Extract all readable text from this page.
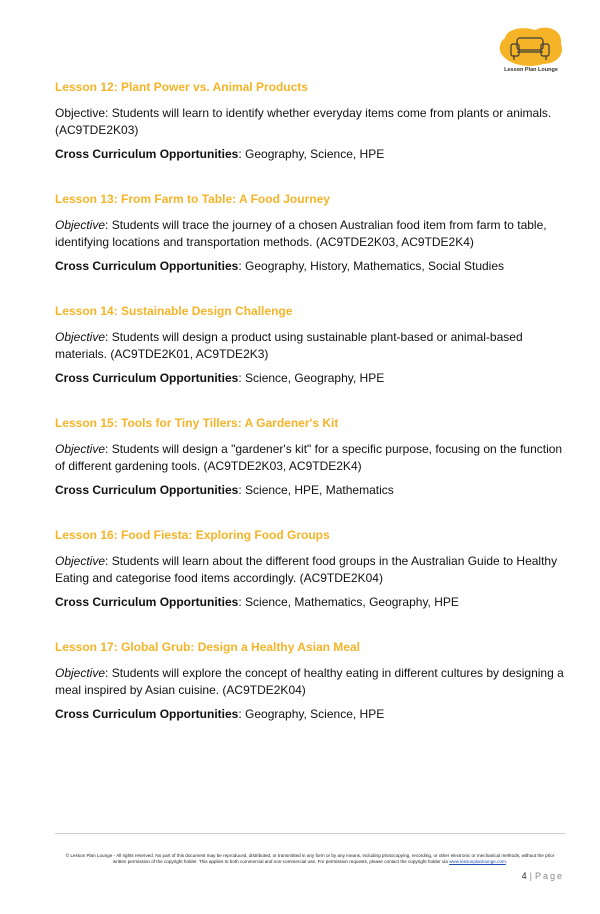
Lesson Plan Lounge

Lesson 12: Plant Power vs. Animal Products

Objective: Students will learn to identify whether everyday items come from plants or animals. (AC9TDE2K03)

Cross Curriculum Opportunities: Geography, Science, HPE

Lesson 13: From Farm to Table: A Food Journey

Objective: Students will trace the journey of a chosen Australian food item from farm to table, identifying locations and transportation methods. (AC9TDE2K03, AC9TDE2K4)

Cross Curriculum Opportunities: Geography, History, Mathematics, Social Studies

Lesson 14: Sustainable Design Challenge

Objective: Students will design a product using sustainable plant-based or animal-based materials. (AC9TDE2K01, AC9TDE2K3)

Cross Curriculum Opportunities: Science, Geography, HPE

Lesson 15: Tools for Tiny Tillers: A Gardener's Kit

Objective: Students will design a "gardener's kit" for a specific purpose, focusing on the function of different gardening tools. (AC9TDE2K03, AC9TDE2K4)

Cross Curriculum Opportunities: Science, HPE, Mathematics

Lesson 16: Food Fiesta: Exploring Food Groups

Objective: Students will learn about the different food groups in the Australian Guide to Healthy Eating and categorise food items accordingly. (AC9TDE2K04)

Cross Curriculum Opportunities: Science, Mathematics, Geography, HPE

Lesson 17: Global Grub: Design a Healthy Asian Meal

Objective: Students will explore the concept of healthy eating in different cultures by designing a meal inspired by Asian cuisine. (AC9TDE2K04)

Cross Curriculum Opportunities: Geography, Science, HPE

© Lesson Plan Lounge - All rights reserved. No part of this document may be reproduced, distributed, or transmitted in any form or by any means, including photocopying, recording, or other electronic or mechanical methods, without the prior written permission of the copyright holder. This applies to both commercial and non-commercial use. For permission requests, please contact the copyright holder via www.lessonplanlounge.com.
4 | Page
